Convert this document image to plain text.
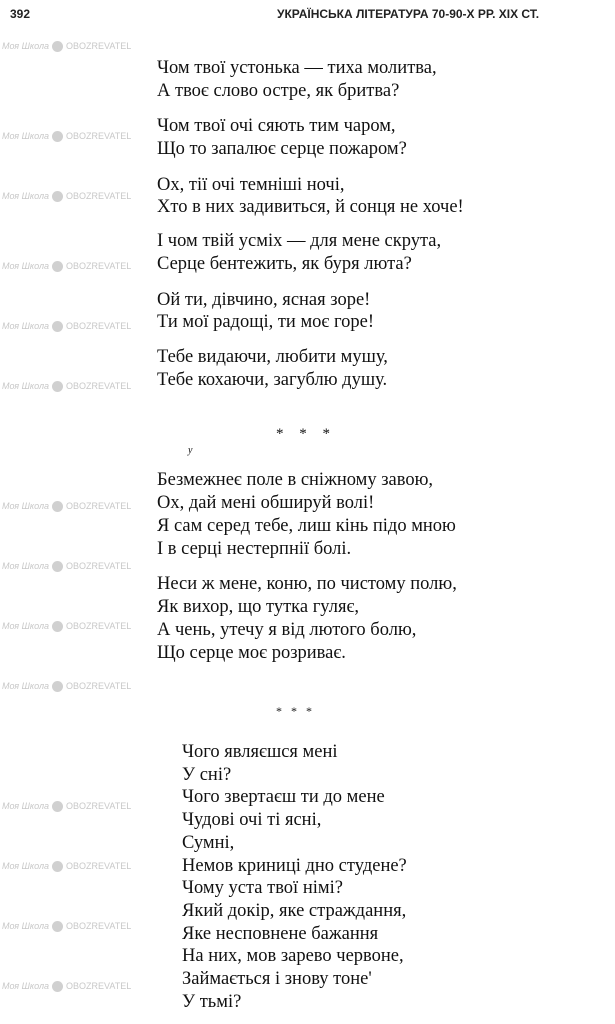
392	УКРАЇНСЬКА ЛІТЕРАТУРА 70-90-Х РР. XIX СТ.
Моя Школа OBOZREVATEL
Моя Школа OBOZREVATEL
Моя Школа OBOZREVATEL
Моя Школа OBOZREVATEL
Моя Школа OBOZREVATEL
Моя Школа OBOZREVATEL
Моя Школа OBOZREVATEL
Моя Школа OBOZREVATEL
Моя Школа OBOZREVATEL
Моя Школа OBOZREVATEL
Моя Школа OBOZREVATEL
Моя Школа OBOZREVATEL
Моя Школа OBOZREVATEL
Моя Школа OBOZREVATEL
Чом твої устонька — тиха молитва,
А твоє слово остре, як бритва?
Чом твої очі сяють тим чаром,
Що то запалює серце пожаром?
Ох, тії очі темніші ночі,
Хто в них задивиться, й сонця не хоче!
І чом твій усміх — для мене скрута,
Серце бентежить, як буря люта?
Ой ти, дівчино, ясная зоре!
Ти мої радощі, ти моє горе!
Тебе видаючи, любити мушу,
Тебе кохаючи, загублю душу.
Безмежнеє поле в сніжному завою,
Ох, дай мені обшируй волі!
Я сам серед тебе, лиш кінь підо мною
І в серці нестерпнії болі.
Неси ж мене, коню, по чистому полю,
Як вихор, що тутка гуляє,
А чень, утечу я від лютого болю,
Що серце моє розриває.
Чого являєшся мені
У сні?
Чого звертаєш ти до мене
Чудові очі ті ясні,
Сумні,
Немов криниці дно студене?
Чому уста твої німі?
Який докір, яке страждання,
Яке несповнене бажання
На них, мов зарево червоне,
Займається і знову тоне'
У тьмі?
* * *
у
* * *
